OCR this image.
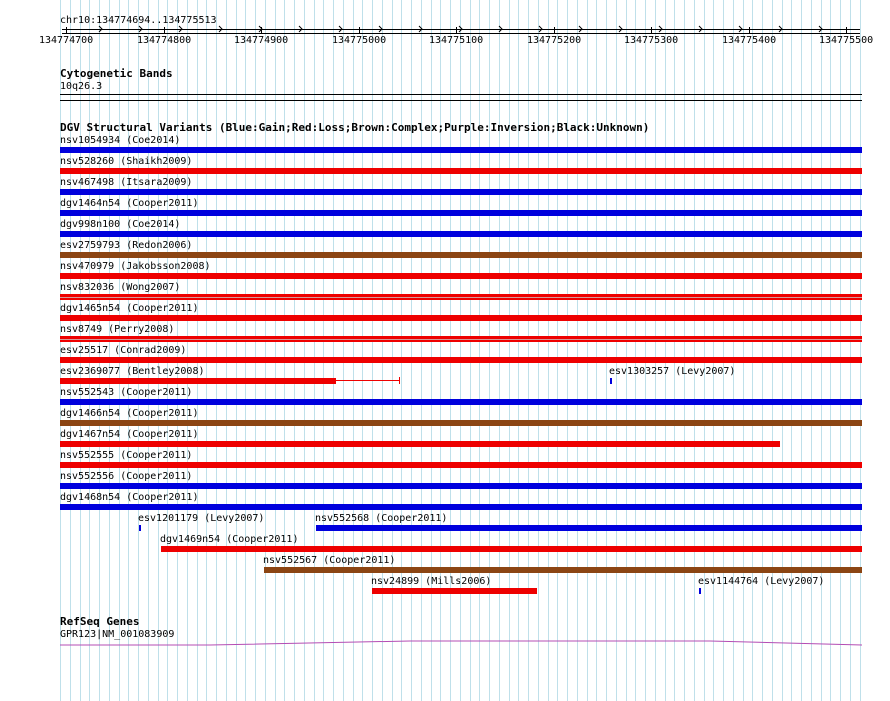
chr10:134774694..134775513
134774700	134774800	134774900	134775000	134775100	134775200	134775300	134775400	134775500
Cytogenetic Bands
10q26.3
DGV Structural Variants (Blue:Gain;Red:Loss;Brown:Complex;Purple:Inversion;Black:Unknown)
nsv1054934 (Coe2014)
nsv528260 (Shaikh2009)
nsv467498 (Itsara2009)
dgv1464n54 (Cooper2011)
dgv998n100 (Coe2014)
esv2759793 (Redon2006)
nsv470979 (Jakobsson2008)
nsv832036 (Wong2007)
dgv1465n54 (Cooper2011)
nsv8749 (Perry2008)
esv25517 (Conrad2009)
esv2369077 (Bentley2008)	esv1303257 (Levy2007)
nsv552543 (Cooper2011)
dgv1466n54 (Cooper2011)
dgv1467n54 (Cooper2011)
nsv552555 (Cooper2011)
nsv552556 (Cooper2011)
dgv1468n54 (Cooper2011)
esv1201179 (Levy2007)	nsv552568 (Cooper2011)
dgv1469n54 (Cooper2011)
nsv552567 (Cooper2011)
nsv24899 (Mills2006)	esv1144764 (Levy2007)
RefSeq Genes
GPR123|NM_001083909
